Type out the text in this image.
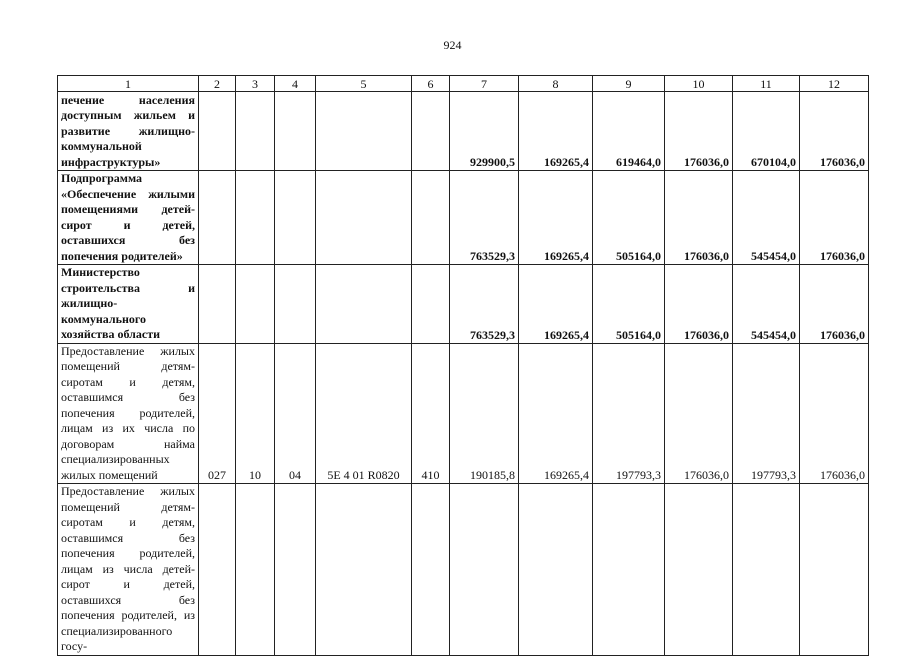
924
1	2	3	4	5	6	7	8	9	10	11	12
печение населения доступным жильем и развитие жилищно-коммунальной инфраструктуры»						929900,5	169265,4	619464,0	176036,0	670104,0	176036,0
Подпрограмма «Обеспечение жилыми помещениями детей-сирот и детей, оставшихся без попечения родителей»						763529,3	169265,4	505164,0	176036,0	545454,0	176036,0
Министерство строительства и жилищно-коммунального хозяйства области						763529,3	169265,4	505164,0	176036,0	545454,0	176036,0
Предоставление жилых помещений детям-сиротам и детям, оставшимся без попечения родителей, лицам из их числа по договорам найма специализированных жилых помещений	027	10	04	5Е 4 01 R0820	410	190185,8	169265,4	197793,3	176036,0	197793,3	176036,0
Предоставление жилых помещений детям-сиротам и детям, оставшимся без попечения родителей, лицам из числа детей-сирот и детей, оставшихся без попечения родителей, из специализированного госу-											
